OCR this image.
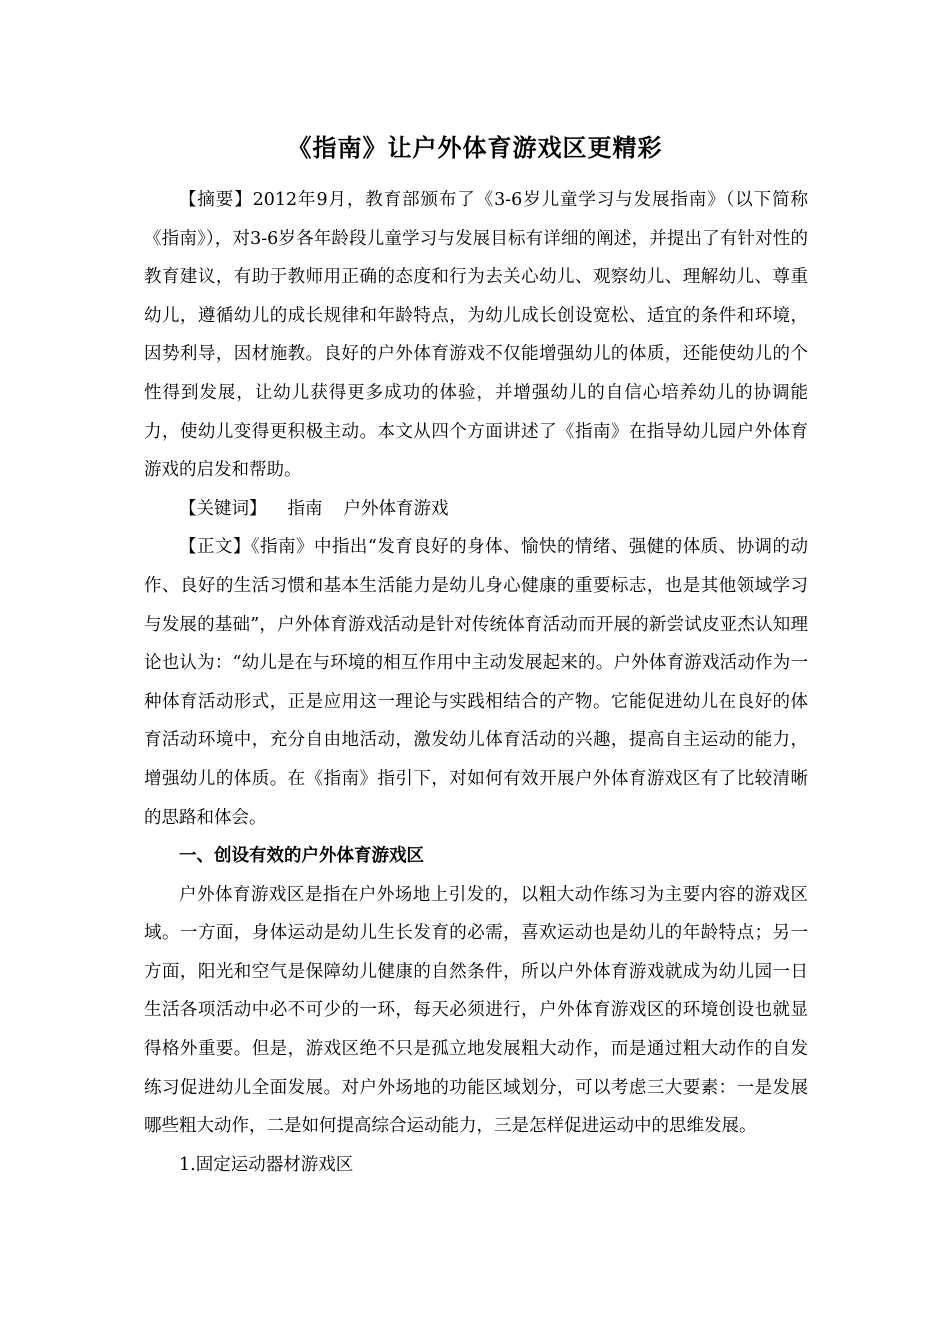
《指南》让户外体育游戏区更精彩

【摘要】2012年9月，教育部颁布了《3-6岁儿童学习与发展指南》（以下简称《指南》），对3-6岁各年龄段儿童学习与发展目标有详细的阐述，并提出了有针对性的教育建议，有助于教师用正确的态度和行为去关心幼儿、观察幼儿、理解幼儿、尊重幼儿，遵循幼儿的成长规律和年龄特点，为幼儿成长创设宽松、适宜的条件和环境，因势利导，因材施教。良好的户外体育游戏不仅能增强幼儿的体质，还能使幼儿的个性得到发展，让幼儿获得更多成功的体验，并增强幼儿的自信心培养幼儿的协调能力，使幼儿变得更积极主动。本文从四个方面讲述了《指南》在指导幼儿园户外体育游戏的启发和帮助。

【关键词】 指南 户外体育游戏

【正文】《指南》中指出“发育良好的身体、愉快的情绪、强健的体质、协调的动作、良好的生活习惯和基本生活能力是幼儿身心健康的重要标志，也是其他领域学习与发展的基础”，户外体育游戏活动是针对传统体育活动而开展的新尝试皮亚杰认知理论也认为：“幼儿是在与环境的相互作用中主动发展起来的。户外体育游戏活动作为一种体育活动形式，正是应用这一理论与实践相结合的产物。它能促进幼儿在良好的体育活动环境中，充分自由地活动，激发幼儿体育活动的兴趣，提高自主运动的能力，增强幼儿的体质。在《指南》指引下，对如何有效开展户外体育游戏区有了比较清晰的思路和体会。

一、创设有效的户外体育游戏区

户外体育游戏区是指在户外场地上引发的，以粗大动作练习为主要内容的游戏区域。一方面，身体运动是幼儿生长发育的必需，喜欢运动也是幼儿的年龄特点；另一方面，阳光和空气是保障幼儿健康的自然条件，所以户外体育游戏就成为幼儿园一日生活各项活动中必不可少的一环，每天必须进行，户外体育游戏区的环境创设也就显得格外重要。但是，游戏区绝不只是孤立地发展粗大动作，而是通过粗大动作的自发练习促进幼儿全面发展。对户外场地的功能区域划分，可以考虑三大要素：一是发展哪些粗大动作，二是如何提高综合运动能力，三是怎样促进运动中的思维发展。

1.固定运动器材游戏区
